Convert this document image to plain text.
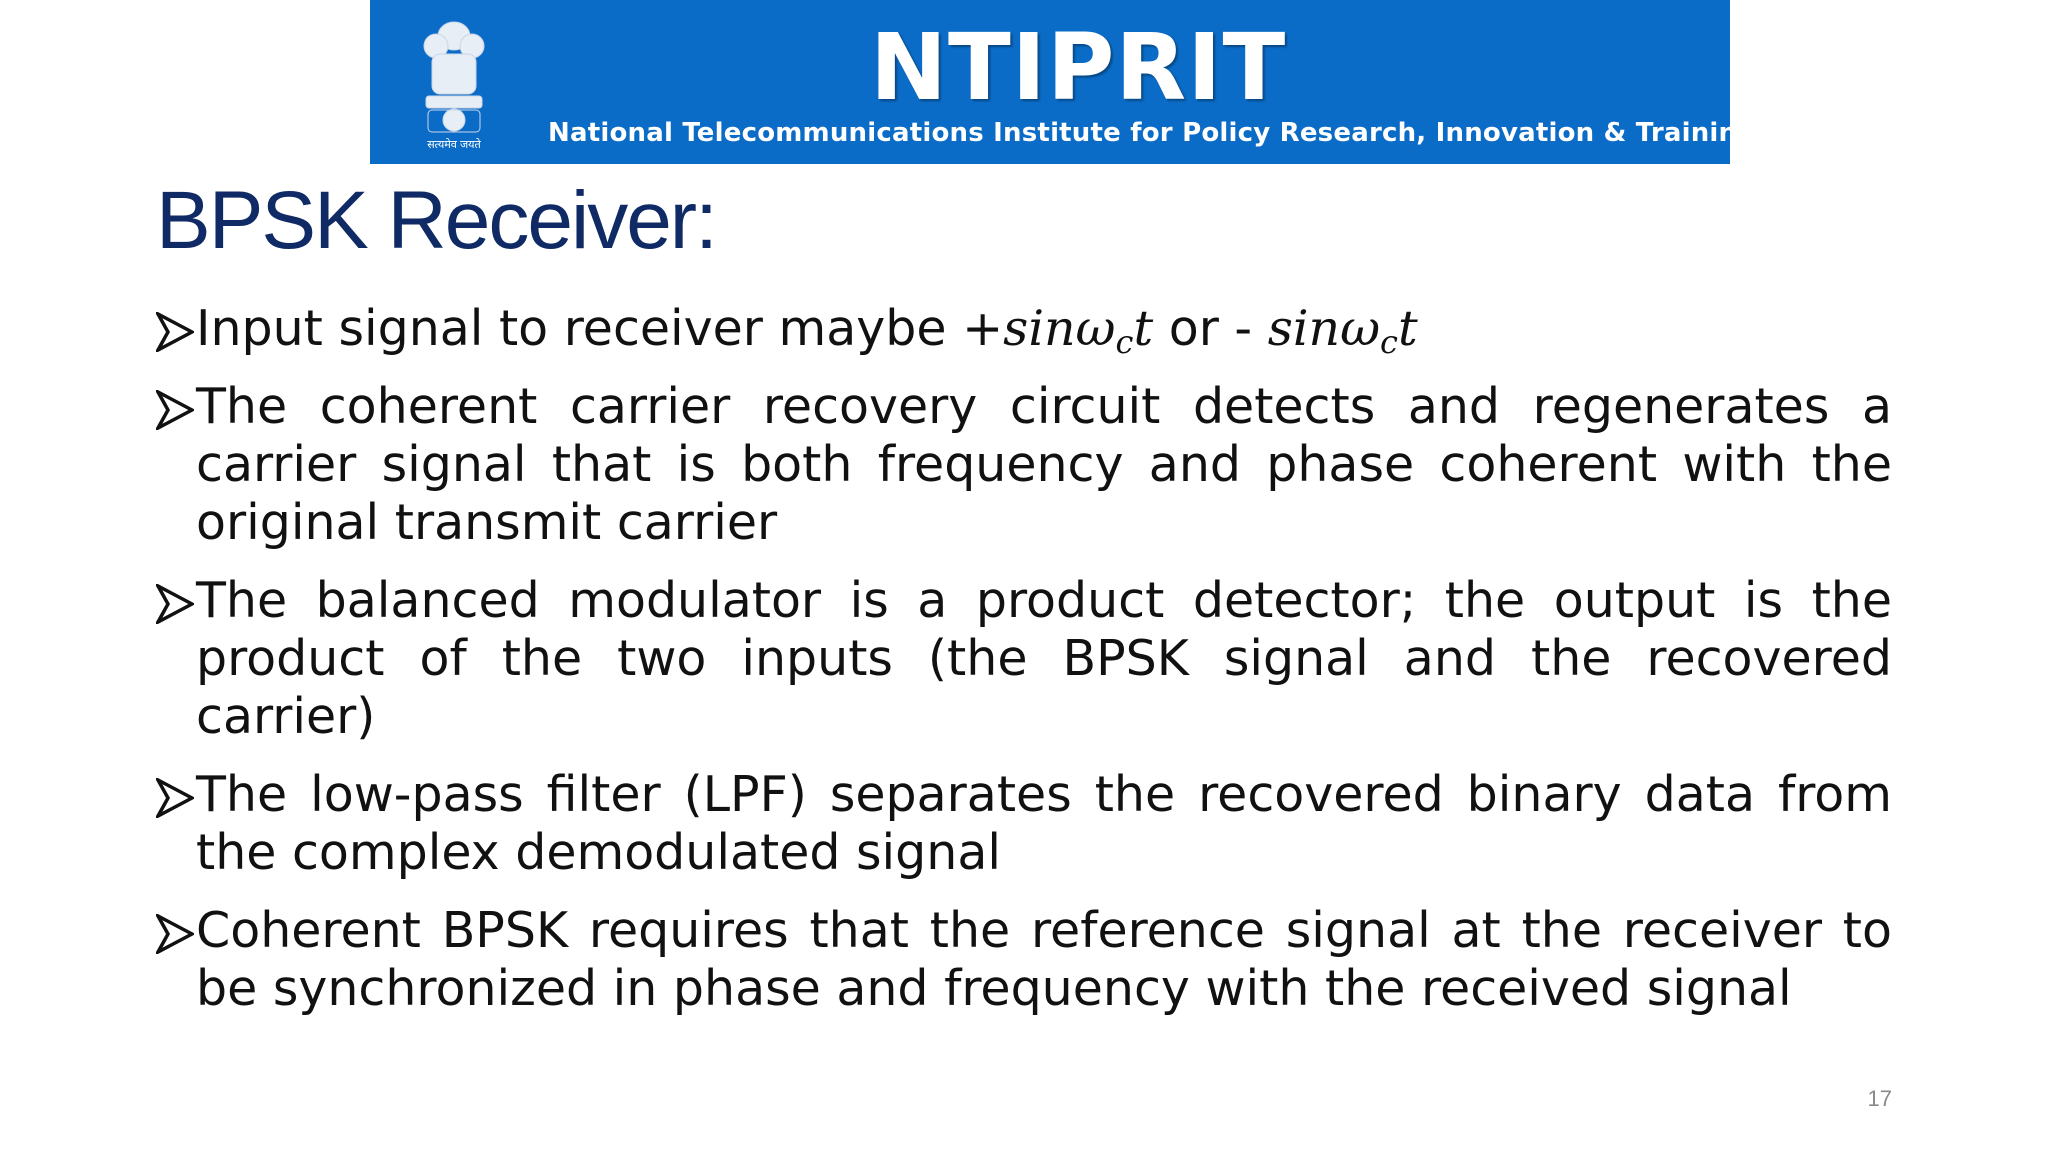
सत्यमेव जयते
NTIPRIT
National Telecommunications Institute for Policy Research, Innovation & Training
BPSK Receiver:
Input signal to receiver maybe +sinω$_c$t or - sinω$_c$t
The coherent carrier recovery circuit detects and regenerates a carrier signal that is both frequency and phase coherent with the original transmit carrier
The balanced modulator is a product detector; the output is the product of the two inputs (the BPSK signal and the recovered carrier)
The low-pass filter (LPF) separates the recovered binary data from the complex demodulated signal
Coherent BPSK requires that the reference signal at the receiver to be synchronized in phase and frequency with the received signal
17
